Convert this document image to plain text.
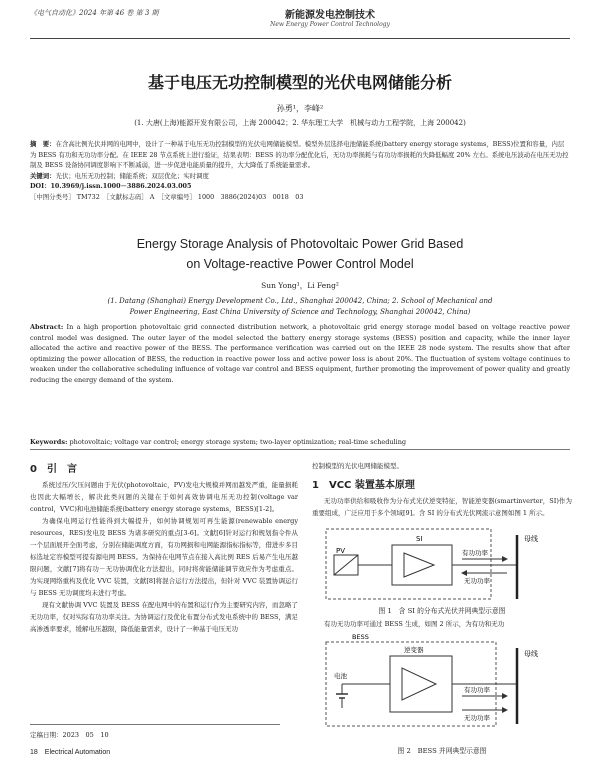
《电气自动化》2024 年第 46 卷 第 3 期	新能源发电控制技术
New Energy Power Control Technology
基于电压无功控制模型的光伏电网储能分析
孙勇¹，李峰²
(1. 大唐(上海)能源开发有限公司，上海 200042；2. 华东理工大学　机械与动力工程学院，上海 200042)
摘　要：在含高比例光伏并网的电网中，设计了一种基于电压无功控制模型的光伏电网储能模型。模型外层选择电池储能系统(battery energy storage systems，BESS)位置和容量，内层为 BESS 有功和无功功率分配。在 IEEE 28 节点系统上进行验证，结果表明：BESS 的功率分配优化后，无功功率损耗与有功功率损耗的失降低幅度 20% 左右。系统电压波动在电压无功控制及 BESS 设备协同调度影响下不断减弱，进一步促进电能质量的提升，大大降低了系统能量需求。
关键词：光伏；电压无功控制；储能系统；双层优化；实时调度
DOI：10.3969/j.issn.1000－3886.2024.03.005
［中图分类号］ TM732　［文献标志码］ A　［文章编号］ 1000　3886(2024)03　0018　03
Energy Storage Analysis of Photovoltaic Power Grid Based
on Voltage-reactive Power Control Model
Sun Yong¹，Li Feng²
(1. Datang (Shanghai) Energy Development Co., Ltd., Shanghai 200042, China; 2. School of Mechanical and
Power Engineering, East China University of Science and Technology, Shanghai 200042, China)
Abstract: In a high proportion photovoltaic grid connected distribution network, a photovoltaic grid energy storage model based on voltage reactive power control model was designed. The outer layer of the model selected the battery energy storage systems (BESS) position and capacity, while the inner layer allocated the active and reactive power of the BESS. The performance verification was carried out on the IEEE 28 node system. The results show that after optimizing the power allocation of BESS, the reduction in reactive power loss and active power loss is about 20%. The fluctuation of system voltage continues to weaken under the collaborative scheduling influence of voltage var control and BESS equipment, further promoting the improvement of power quality and greatly reducing the energy demand of the system.
Keywords: photovoltaic; voltage var control; energy storage system; two-layer optimization; real-time scheduling
0　引　言

系统过压/欠压问题由于光伏(photovoltaic，PV)发电大规模并网而越发严重，能量损耗也因此大幅增长，解决此类问题的关键在于如何高效协调电压无功控制(voltage var control，VVC)和电池储能系统(battery energy storage systems，BESS)[1-2]。

为确保电网运行性能得到大幅提升，如何协调规划可再生能源(renewable energy resources，RES)发电及 BESS 为诸多研究的重点[3-6]。文献[6]针对运行和规划指令件从一个层面展开全面考虑，分别在储能调度方面，有功网损和电网能源指标指标等，借进步多目标选址定容模型可提有源电网 BESS。为保持在电网节点在接入高比例 RES 后易产生电压越限问题，文献[7]将有功－无功协调优化方法提出，同时将荷能储能调节效应作为考虑重点。为实现网络重构及优化 VVC 装置，文献[8]将混合运行方法提出，但针对 VVC 装置协调运行与 BESS 无功调度均未进行考虑。

现有文献协调 VVC 装置及 BESS 在配电网中的布置和运行作为主要研究内容，而忽略了无功功率，仅对实际有功功率关注。为协调运行及优化布置分布式发电系统中的 BESS，满足高渗透率要求，缓解电压越限，降低能量需求，设计了一种基于电压无功

控制模型的光伏电网储能模型。

1　VCC 装置基本原理

无功功率供给和吸收作为分布式光伏逆变特征，智能逆变器(smartinverter，SI)作为重要组成，广泛应用于多个领域[9]。含 SI 的分布式光伏网流示意图如图 1 所示。

PV
SI	母线
有功功率
无功功率
图 1　含 SI 的分布式光伏并网典型示意图

有功无功功率可通过 BESS 生成，如图 2 所示，为有功和无功

BESS
电池
逆变器	母线
有功功率
无功功率
图 2　BESS 并网典型示意图
定稿日期：2023　05　10
18　Electrical Automation
